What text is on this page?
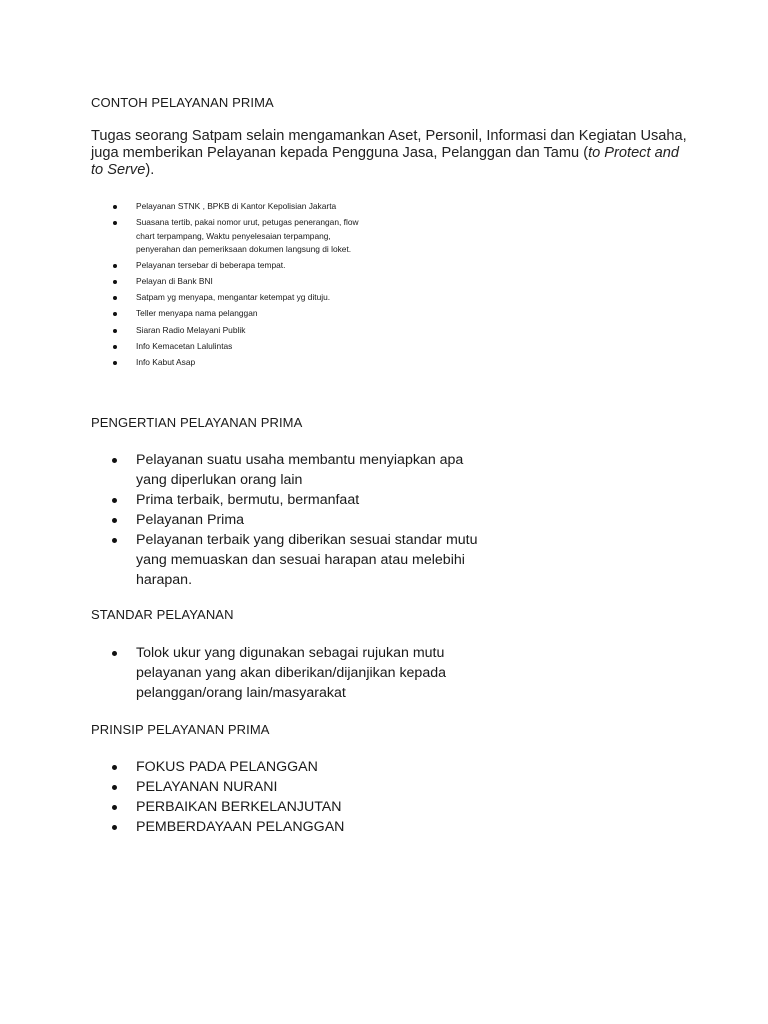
CONTOH PELAYANAN PRIMA

Tugas seorang Satpam selain mengamankan Aset, Personil, Informasi dan Kegiatan Usaha, juga memberikan Pelayanan kepada Pengguna Jasa, Pelanggan dan Tamu (to Protect and to Serve).

Pelayanan STNK , BPKB di Kantor Kepolisian Jakarta
Suasana tertib, pakai nomor urut, petugas penerangan, flow chart terpampang, Waktu penyelesaian terpampang, penyerahan dan pemeriksaan dokumen langsung di loket.
Pelayanan tersebar di beberapa tempat.
Pelayan di Bank BNI
Satpam yg menyapa, mengantar ketempat yg dituju.
Teller menyapa nama pelanggan
Siaran Radio Melayani Publik
Info Kemacetan Lalulintas
Info Kabut Asap
PENGERTIAN PELAYANAN PRIMA
Pelayanan suatu usaha membantu menyiapkan apa yang diperlukan orang lain
Prima terbaik, bermutu, bermanfaat
Pelayanan Prima
Pelayanan terbaik yang diberikan sesuai standar mutu yang memuaskan dan sesuai harapan atau melebihi harapan.
STANDAR PELAYANAN
Tolok ukur yang digunakan sebagai rujukan mutu pelayanan yang akan diberikan/dijanjikan kepada pelanggan/orang lain/masyarakat
PRINSIP PELAYANAN PRIMA
FOKUS PADA PELANGGAN
PELAYANAN NURANI
PERBAIKAN BERKELANJUTAN
PEMBERDAYAAN PELANGGAN
